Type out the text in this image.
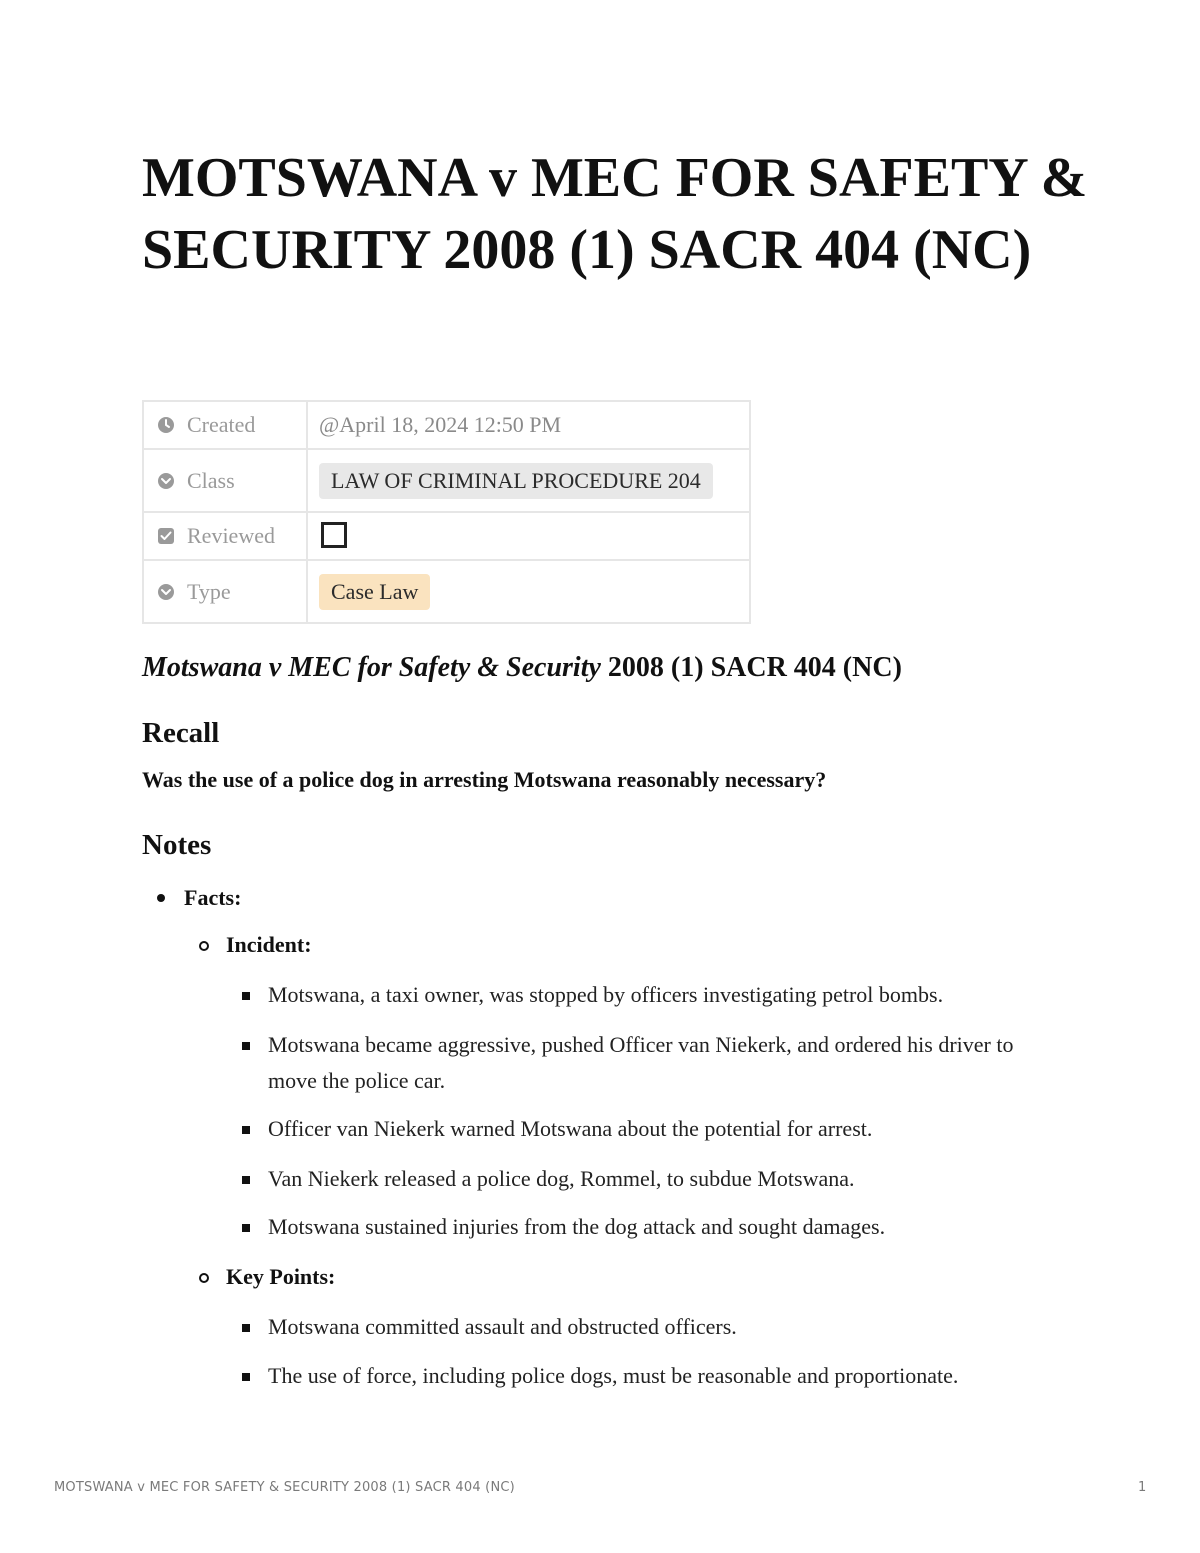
MOTSWANA v MEC FOR SAFETY & SECURITY 2008 (1) SACR 404 (NC)
Created	@April 18, 2024 12:50 PM

Class	LAW OF CRIMINAL PROCEDURE 204

Reviewed	

Type	Case Law

Motswana v MEC for Safety & Security 2008 (1) SACR 404 (NC)

Recall

Was the use of a police dog in arresting Motswana reasonably necessary?

Notes
Facts:
Incident:
Motswana, a taxi owner, was stopped by officers investigating petrol bombs.
Motswana became aggressive, pushed Officer van Niekerk, and ordered his driver to move the police car.
Officer van Niekerk warned Motswana about the potential for arrest.
Van Niekerk released a police dog, Rommel, to subdue Motswana.
Motswana sustained injuries from the dog attack and sought damages.
Key Points:
Motswana committed assault and obstructed officers.
The use of force, including police dogs, must be reasonable and proportionate.
MOTSWANA v MEC FOR SAFETY & SECURITY 2008 (1) SACR 404 (NC)	1
